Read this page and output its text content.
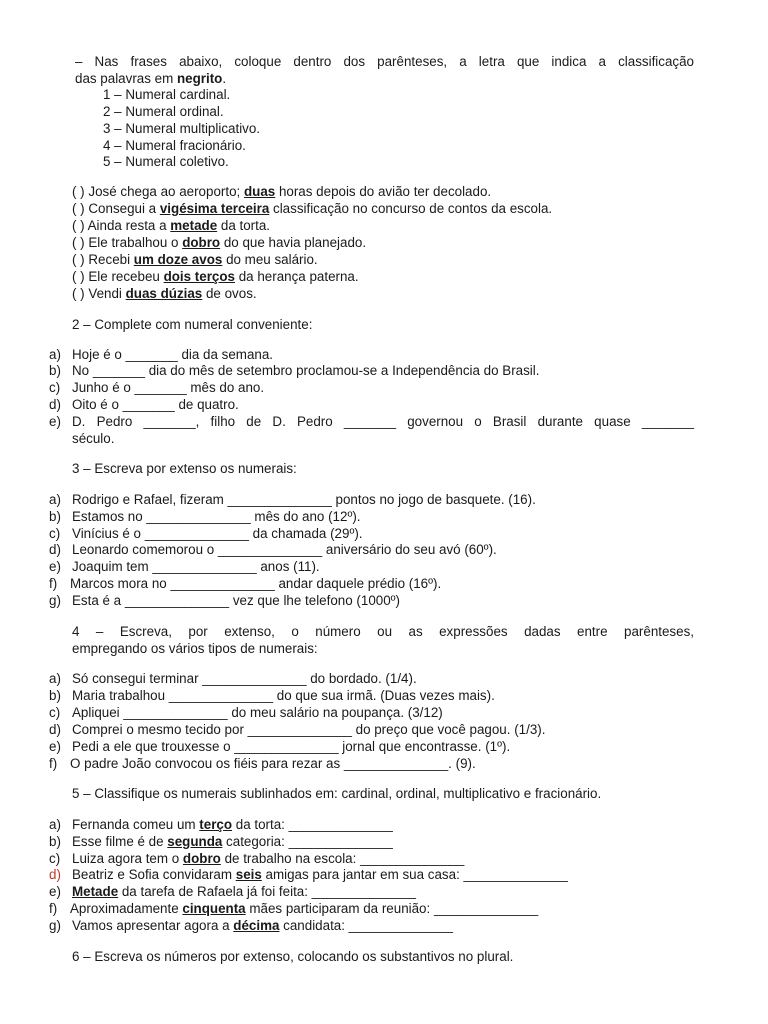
– Nas frases abaixo, coloque dentro dos parênteses, a letra que indica a classificação
das palavras em negrito.
1 – Numeral cardinal.
2 – Numeral ordinal.
3 – Numeral multiplicativo.
4 – Numeral fracionário.
5 – Numeral coletivo.
( ) José chega ao aeroporto; duas horas depois do avião ter decolado.
( ) Consegui a vigésima terceira classificação no concurso de contos da escola.
( ) Ainda resta a metade da torta.
( ) Ele trabalhou o dobro do que havia planejado.
( ) Recebi um doze avos do meu salário.
( ) Ele recebeu dois terços da herança paterna.
( ) Vendi duas dúzias de ovos.
2 – Complete com numeral conveniente:
a) Hoje é o _______ dia da semana.
b) No _______ dia do mês de setembro proclamou-se a Independência do Brasil.
c) Junho é o _______ mês do ano.
d) Oito é o _______ de quatro.
e) D. Pedro _______, filho de D. Pedro _______ governou o Brasil durante quase _______
século.
3 – Escreva por extenso os numerais:
a) Rodrigo e Rafael, fizeram ______________ pontos no jogo de basquete. (16).
b) Estamos no ______________ mês do ano (12º).
c) Vinícius é o ______________ da chamada (29º).
d) Leonardo comemorou o ______________ aniversário do seu avó (60º).
e) Joaquim tem ______________ anos (11).
f) Marcos mora no ______________ andar daquele prédio (16º).
g) Esta é a ______________ vez que lhe telefono (1000º)
4 – Escreva, por extenso, o número ou as expressões dadas entre parênteses,
empregando os vários tipos de numerais:
a) Só consegui terminar ______________ do bordado. (1/4).
b) Maria trabalhou ______________ do que sua irmã. (Duas vezes mais).
c) Apliquei ______________ do meu salário na poupança. (3/12)
d) Comprei o mesmo tecido por ______________ do preço que você pagou. (1/3).
e) Pedi a ele que trouxesse o ______________ jornal que encontrasse. (1º).
f) O padre João convocou os fiéis para rezar as ______________. (9).
5 – Classifique os numerais sublinhados em: cardinal, ordinal, multiplicativo e fracionário.
a) Fernanda comeu um terço da torta: ______________
b) Esse filme é de segunda categoria: ______________
c) Luiza agora tem o dobro de trabalho na escola: ______________
d) Beatriz e Sofia convidaram seis amigas para jantar em sua casa: ______________
e) Metade da tarefa de Rafaela já foi feita: ______________
f) Aproximadamente cinquenta mães participaram da reunião: ______________
g) Vamos apresentar agora a décima candidata: ______________
6 – Escreva os números por extenso, colocando os substantivos no plural.
